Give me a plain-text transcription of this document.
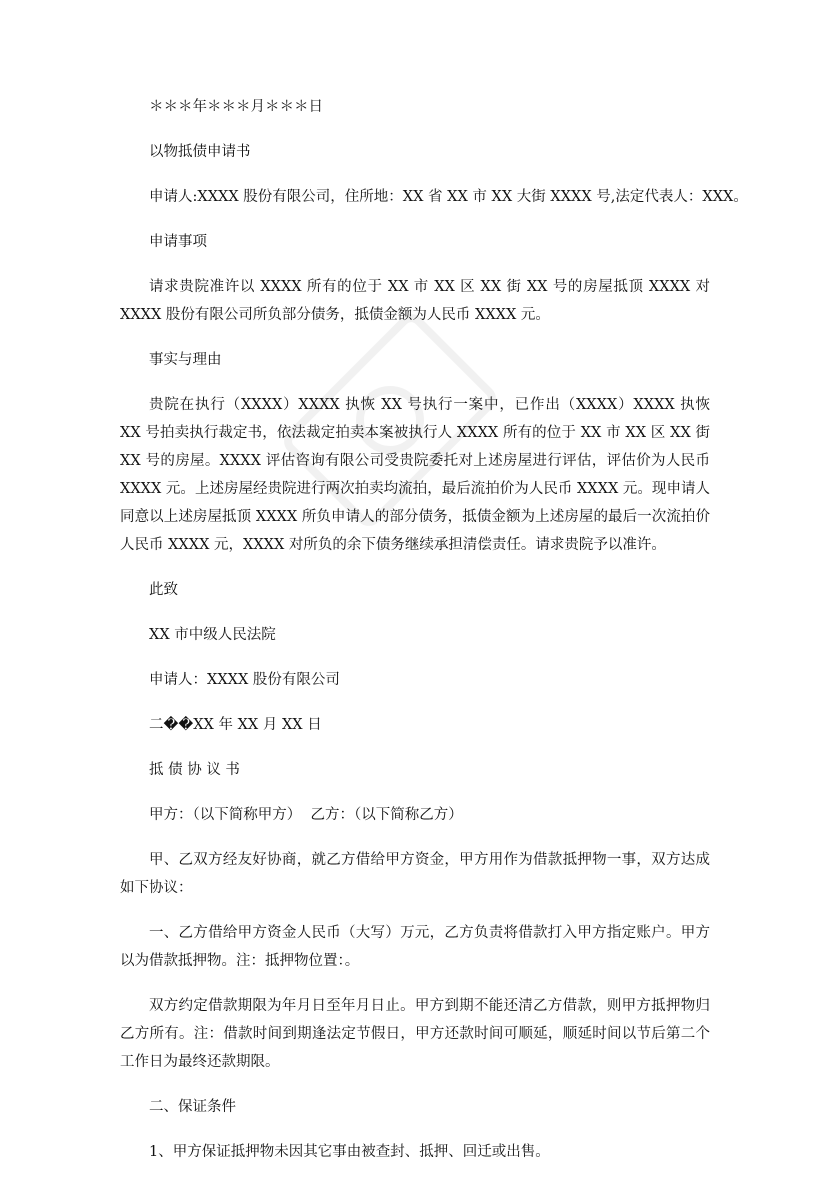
＊＊＊年＊＊＊月＊＊＊日

以物抵债申请书

申请人:XXXX 股份有限公司，住所地：XX 省 XX 市 XX 大街 XXXX 号,法定代表人：XXX。

申请事项

请求贵院准许以 XXXX 所有的位于 XX 市 XX 区 XX 街 XX 号的房屋抵顶 XXXX 对 XXXX 股份有限公司所负部分债务，抵债金额为人民币 XXXX 元。

事实与理由

贵院在执行（XXXX）XXXX 执恢 XX 号执行一案中，已作出（XXXX）XXXX 执恢 XX 号拍卖执行裁定书，依法裁定拍卖本案被执行人 XXXX 所有的位于 XX 市 XX 区 XX 街 XX 号的房屋。XXXX 评估咨询有限公司受贵院委托对上述房屋进行评估，评估价为人民币 XXXX 元。上述房屋经贵院进行两次拍卖均流拍，最后流拍价为人民币 XXXX 元。现申请人同意以上述房屋抵顶 XXXX 所负申请人的部分债务，抵债金额为上述房屋的最后一次流拍价人民币 XXXX 元，XXXX 对所负的余下债务继续承担清偿责任。请求贵院予以准许。

此致

XX 市中级人民法院

申请人：XXXX 股份有限公司

二��XX 年 XX 月 XX 日

抵 债 协 议 书

甲方：（以下简称甲方）  乙方：（以下简称乙方）

甲、乙双方经友好协商，就乙方借给甲方资金，甲方用作为借款抵押物一事，双方达成如下协议：

一、乙方借给甲方资金人民币（大写）万元，乙方负责将借款打入甲方指定账户。甲方以为借款抵押物。注：抵押物位置：。

双方约定借款期限为年月日至年月日止。甲方到期不能还清乙方借款，则甲方抵押物归乙方所有。注：借款时间到期逢法定节假日，甲方还款时间可顺延，顺延时间以节后第二个工作日为最终还款期限。

二、保证条件

1、甲方保证抵押物未因其它事由被查封、抵押、回迁或出售。
